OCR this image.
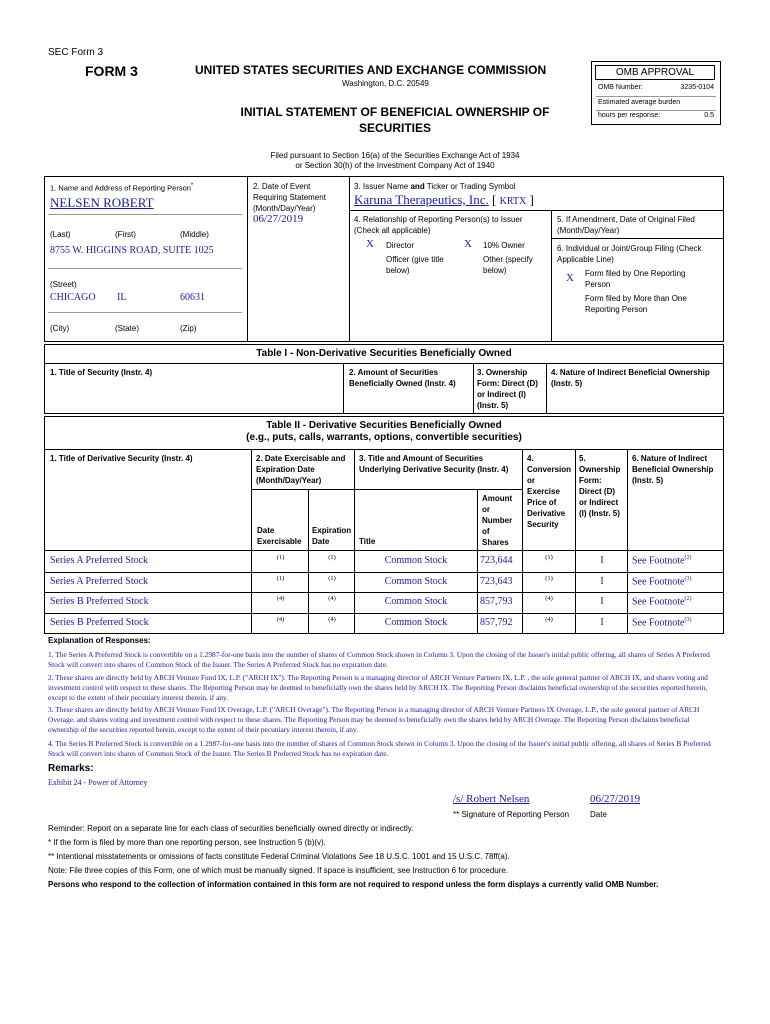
SEC Form 3
FORM 3	UNITED STATES SECURITIES AND EXCHANGE COMMISSION
Washington, D.C. 20549
INITIAL STATEMENT OF BENEFICIAL OWNERSHIP OF
SECURITIES
Filed pursuant to Section 16(a) of the Securities Exchange Act of 1934
or Section 30(h) of the Investment Company Act of 1940
OMB APPROVAL
OMB Number:	3235-0104
Estimated average burden
hours per response:	0.5
1. Name and Address of Reporting Person*
NELSEN ROBERT
(Last)	(First)	(Middle)
8755 W. HIGGINS ROAD, SUITE 1025
(Street)
CHICAGO IL	60631
(City)	(State)	(Zip)
2. Date of Event
Requiring Statement
(Month/Day/Year)
06/27/2019
3. Issuer Name and Ticker or Trading Symbol
Karuna Therapeutics, Inc. [ KRTX ]
4. Relationship of Reporting Person(s) to Issuer
(Check all applicable)
X Director	X 10% Owner
Officer (give title
below)
Other (specify
below)
5. If Amendment, Date of Original Filed
(Month/Day/Year)
6. Individual or Joint/Group Filing (Check
Applicable Line)
X Form filed by One Reporting
Person
Form filed by More than One
Reporting Person
Table I - Non-Derivative Securities Beneficially Owned
1. Title of Security (Instr. 4)	2. Amount of Securities
Beneficially Owned (Instr. 4)
3. Ownership
Form: Direct (D)
or Indirect (I)
(Instr. 5)
4. Nature of Indirect Beneficial Ownership
(Instr. 5)
Table II - Derivative Securities Beneficially Owned
(e.g., puts, calls, warrants, options, convertible securities)
1. Title of Derivative Security (Instr. 4)	2. Date Exercisable and
Expiration Date
(Month/Day/Year)
3. Title and Amount of Securities
Underlying Derivative Security (Instr. 4)
4.
Conversion
or
Exercise
Price of
Derivative
Security
5.
Ownership
Form:
Direct (D)
or Indirect
(I) (Instr. 5)
6. Nature of Indirect
Beneficial Ownership
(Instr. 5)
Date
Exercisable
Expiration
Date	Title
Amount
or
Number
of
Shares
Series A Preferred Stock	(1)	(1)	Common Stock	723,644	(1)	I	See Footnote$^{(2)}$
Series A Preferred Stock	(1)	(1)	Common Stock	723,643	(1)	I	See Footnote$^{(3)}$
Series B Preferred Stock	(4)	(4)	Common Stock	857,793	(4)	I	See Footnote$^{(2)}$
Series B Preferred Stock	(4)	(4)	Common Stock	857,792	(4)	I	See Footnote$^{(3)}$
Explanation of Responses:
1. The Series A Preferred Stock is convertible on a 1.2987-for-one basis into the number of shares of Common Stock shown in Column 3. Upon the closing of the Issuer's initial public offering, all shares of Series A Preferred Stock will convert into shares of Common Stock of the Issuer. The Series A Preferred Stock has no expiration date.
2. These shares are directly held by ARCH Venture Fund IX, L.P. ("ARCH IX"). The Reporting Person is a managing director of ARCH Venture Partners IX, L.P. , the sole general partner of ARCH IX, and shares voting and investment control with respect to these shares. The Reporting Person may be deemed to beneficially own the shares held by ARCH IX. The Reporting Person disclaims beneficial ownership of the securities reported herein, except to the extent of their pecuniary interest therein, if any.
3. These shares are directly held by ARCH Venture Fund IX Overage, L.P. ("ARCH Overage"). The Reporting Person is a managing director of ARCH Venture Partners IX Overage, L.P., the sole general partner of ARCH Overage, and shares voting and investment control with respect to these shares. The Reporting Person may be deemed to beneficially own the shares held by ARCH Overage. The Reporting Person disclaims beneficial ownership of the securities reported herein, except to the extent of their pecuniary interest therein, if any.
4. The Series B Preferred Stock is convertible on a 1.2987-for-one basis into the number of shares of Common Stock shown in Column 3. Upon the closing of the Issuer's initial public offering, all shares of Series B Preferred Stock will convert into shares of Common Stock of the Issuer. The Series B Preferred Stock has no expiration date.
Remarks:
Exhibit 24 - Power of Attorney
/s/ Robert Nelsen	06/27/2019
** Signature of Reporting Person	Date
Reminder: Report on a separate line for each class of securities beneficially owned directly or indirectly.
* If the form is filed by more than one reporting person, see Instruction 5 (b)(v).
** Intentional misstatements or omissions of facts constitute Federal Criminal Violations See 18 U.S.C. 1001 and 15 U.S.C. 78ff(a).
Note: File three copies of this Form, one of which must be manually signed. If space is insufficient, see Instruction 6 for procedure.
Persons who respond to the collection of information contained in this form are not required to respond unless the form displays a currently valid OMB Number.
